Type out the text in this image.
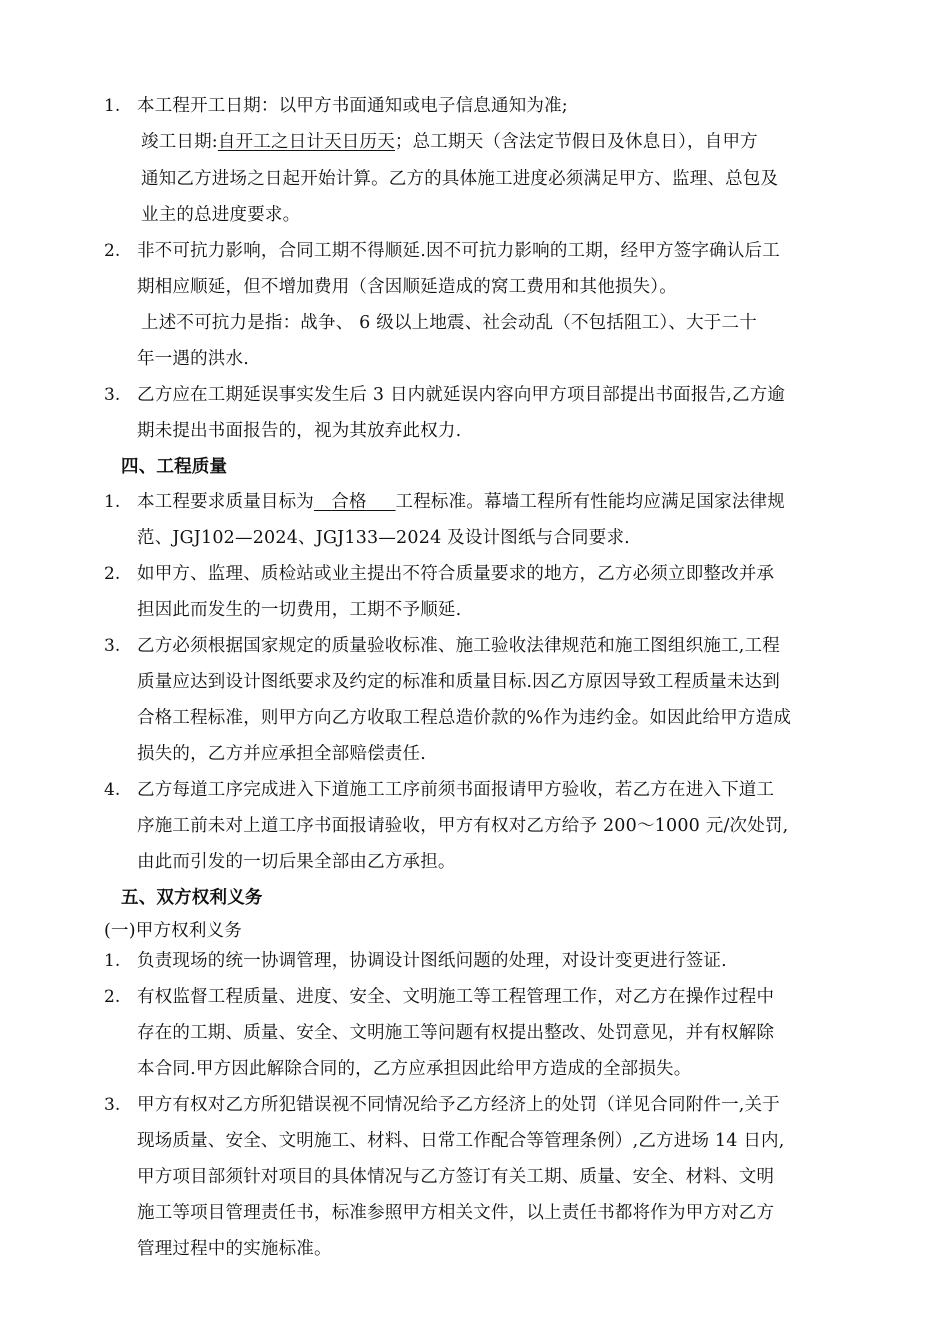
1. 本工程开工日期：以甲方书面通知或电子信息通知为准;
竣工日期:自开工之日计天日历天；总工期天（含法定节假日及休息日），自甲方
通知乙方进场之日起开始计算。乙方的具体施工进度必须满足甲方、监理、总包及
业主的总进度要求。
2. 非不可抗力影响，合同工期不得顺延.因不可抗力影响的工期，经甲方签字确认后工
期相应顺延，但不增加费用（含因顺延造成的窝工费用和其他损失）。
上述不可抗力是指：战争、 6 级以上地震、社会动乱（不包括阻工）、大于二十
年一遇的洪水.
3. 乙方应在工期延误事实发生后 3 日内就延误内容向甲方项目部提出书面报告,乙方逾
期未提出书面报告的，视为其放弃此权力.
四、工程质量
1. 本工程要求质量目标为 合格 工程标准。幕墙工程所有性能均应满足国家法律规
范、JGJ102—2024、JGJ133—2024 及设计图纸与合同要求.
2. 如甲方、监理、质检站或业主提出不符合质量要求的地方，乙方必须立即整改并承
担因此而发生的一切费用，工期不予顺延.
3. 乙方必须根据国家规定的质量验收标准、施工验收法律规范和施工图组织施工,工程
质量应达到设计图纸要求及约定的标准和质量目标.因乙方原因导致工程质量未达到
合格工程标准，则甲方向乙方收取工程总造价款的%作为违约金。如因此给甲方造成
损失的，乙方并应承担全部赔偿责任.
4. 乙方每道工序完成进入下道施工工序前须书面报请甲方验收，若乙方在进入下道工
序施工前未对上道工序书面报请验收，甲方有权对乙方给予 200～1000 元/次处罚,
由此而引发的一切后果全部由乙方承担。
五、双方权利义务
(一)甲方权利义务
1. 负责现场的统一协调管理，协调设计图纸问题的处理，对设计变更进行签证.
2. 有权监督工程质量、进度、安全、文明施工等工程管理工作，对乙方在操作过程中
存在的工期、质量、安全、文明施工等问题有权提出整改、处罚意见，并有权解除
本合同.甲方因此解除合同的，乙方应承担因此给甲方造成的全部损失。
3. 甲方有权对乙方所犯错误视不同情况给予乙方经济上的处罚（详见合同附件一,关于
现场质量、安全、文明施工、材料、日常工作配合等管理条例）,乙方进场 14 日内,
甲方项目部须针对项目的具体情况与乙方签订有关工期、质量、安全、材料、文明
施工等项目管理责任书，标准参照甲方相关文件，以上责任书都将作为甲方对乙方
管理过程中的实施标准。
